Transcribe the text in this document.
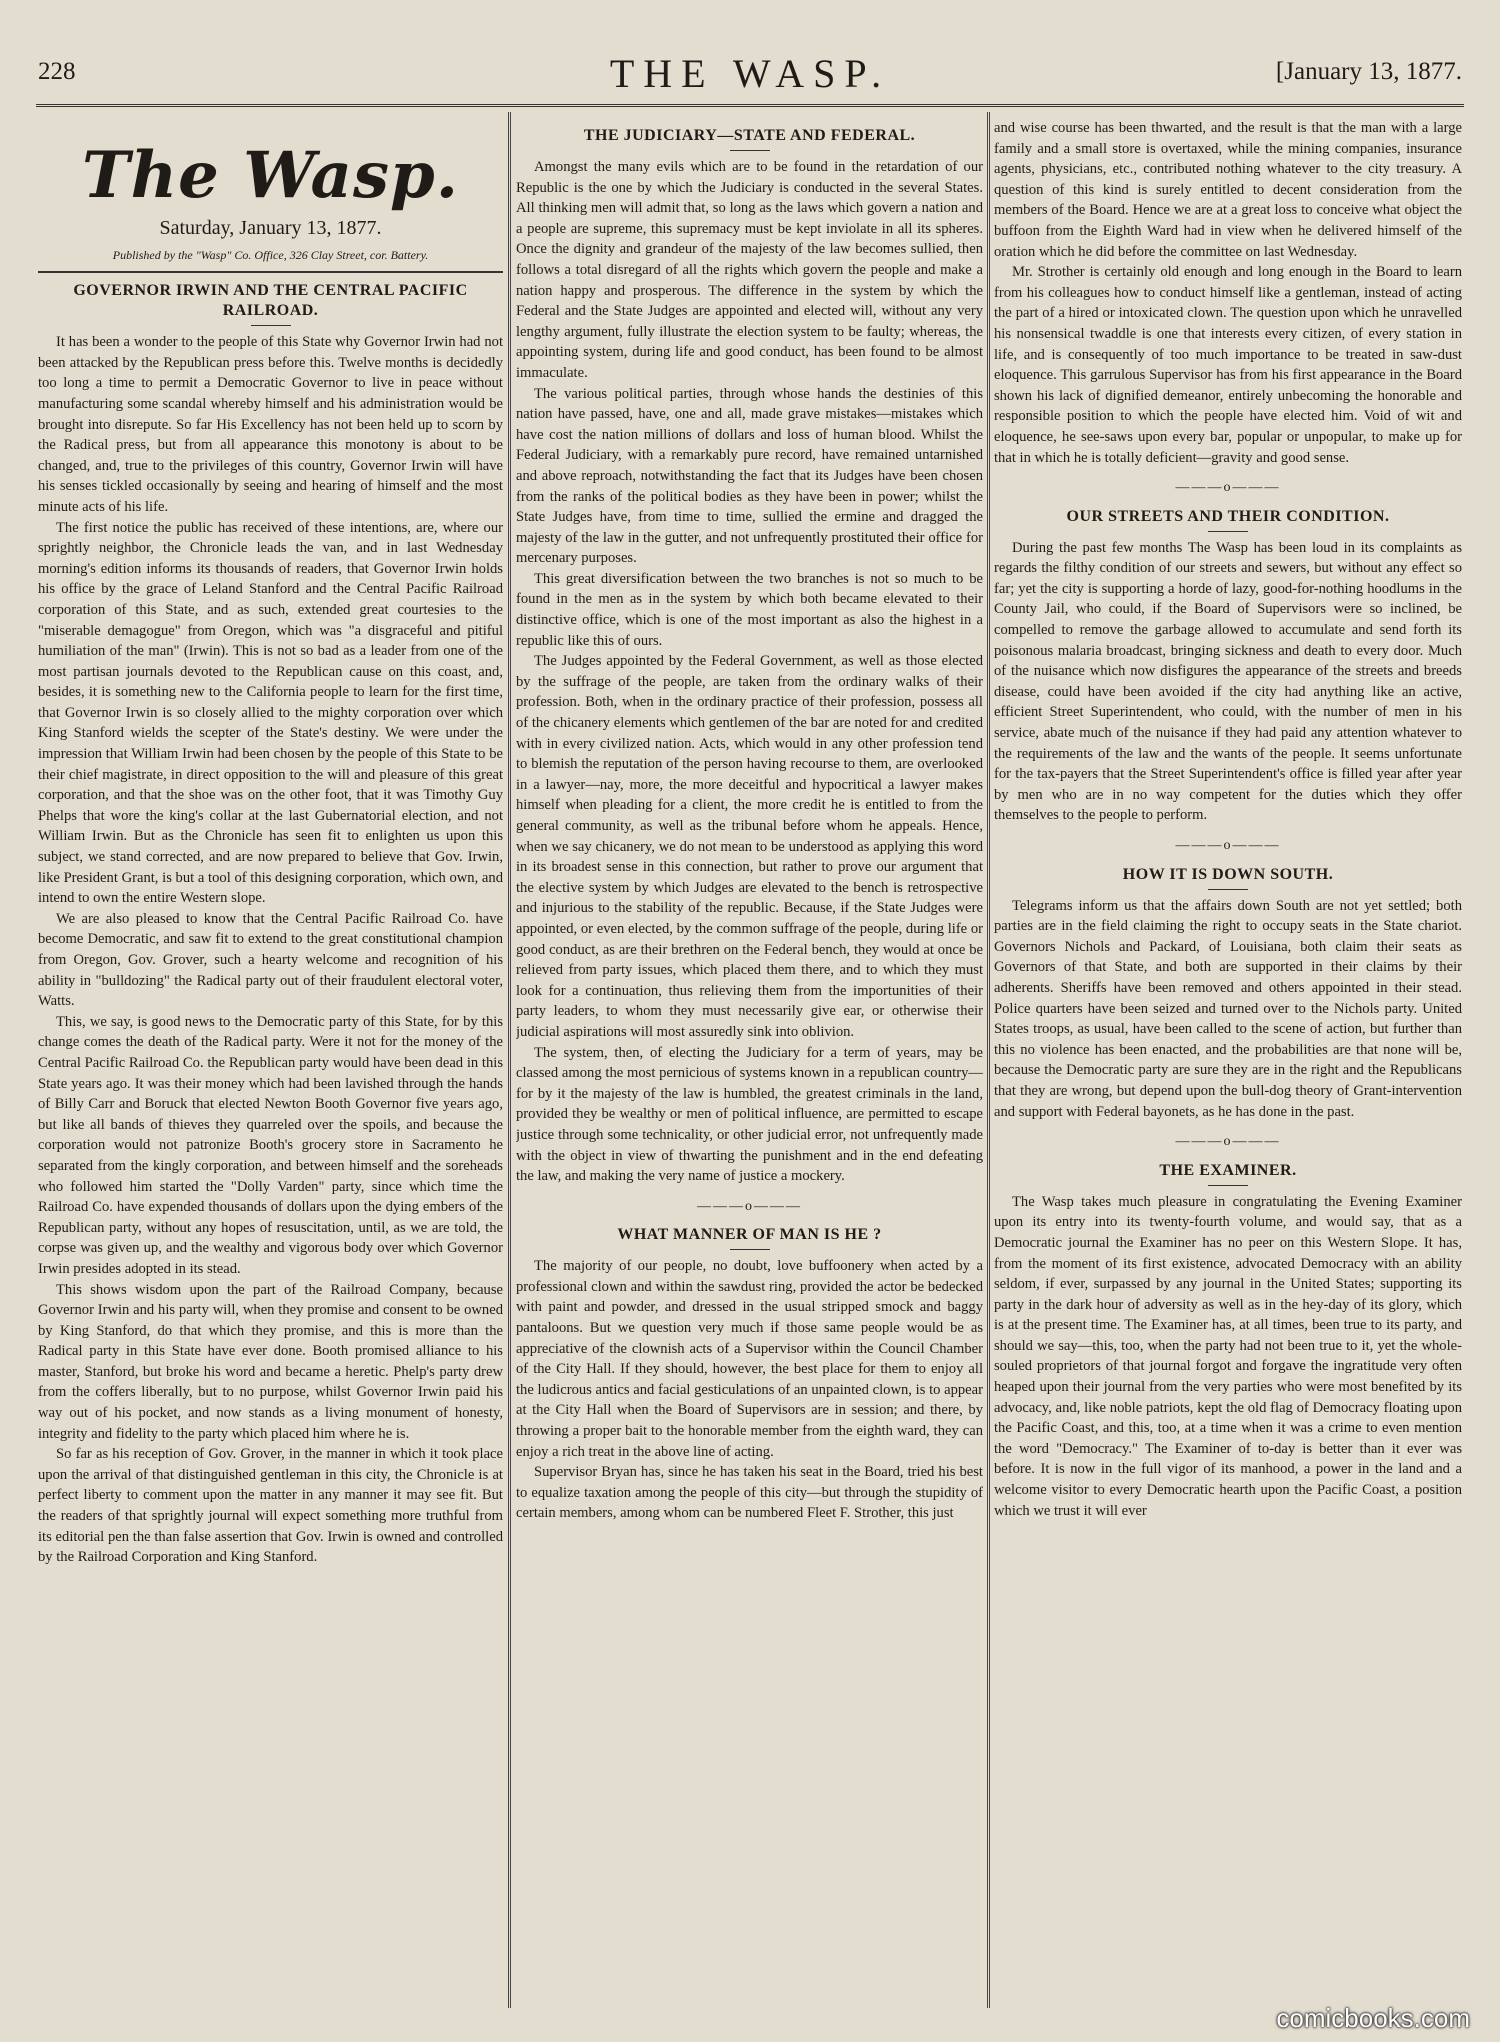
228	THE WASP.	[January 13, 1877.
The Wasp.
Saturday, January 13, 1877.
Published by the "Wasp" Co. Office, 326 Clay Street, cor. Battery.
GOVERNOR IRWIN AND THE CENTRAL PACIFIC RAILROAD.

It has been a wonder to the people of this State why Governor Irwin had not been attacked by the Republican press before this. Twelve months is decidedly too long a time to permit a Democratic Governor to live in peace without manufacturing some scandal whereby himself and his administration would be brought into disrepute. So far His Excellency has not been held up to scorn by the Radical press, but from all appearance this monotony is about to be changed, and, true to the privileges of this country, Governor Irwin will have his senses tickled occasionally by seeing and hearing of himself and the most minute acts of his life.

The first notice the public has received of these intentions, are, where our sprightly neighbor, the Chronicle leads the van, and in last Wednesday morning's edition informs its thousands of readers, that Governor Irwin holds his office by the grace of Leland Stanford and the Central Pacific Railroad corporation of this State, and as such, extended great courtesies to the "miserable demagogue" from Oregon, which was "a disgraceful and pitiful humiliation of the man" (Irwin). This is not so bad as a leader from one of the most partisan journals devoted to the Republican cause on this coast, and, besides, it is something new to the California people to learn for the first time, that Governor Irwin is so closely allied to the mighty corporation over which King Stanford wields the scepter of the State's destiny. We were under the impression that William Irwin had been chosen by the people of this State to be their chief magistrate, in direct opposition to the will and pleasure of this great corporation, and that the shoe was on the other foot, that it was Timothy Guy Phelps that wore the king's collar at the last Gubernatorial election, and not William Irwin. But as the Chronicle has seen fit to enlighten us upon this subject, we stand corrected, and are now prepared to believe that Gov. Irwin, like President Grant, is but a tool of this designing corporation, which own, and intend to own the entire Western slope.

We are also pleased to know that the Central Pacific Railroad Co. have become Democratic, and saw fit to extend to the great constitutional champion from Oregon, Gov. Grover, such a hearty welcome and recognition of his ability in "bulldozing" the Radical party out of their fraudulent electoral voter, Watts.

This, we say, is good news to the Democratic party of this State, for by this change comes the death of the Radical party. Were it not for the money of the Central Pacific Railroad Co. the Republican party would have been dead in this State years ago. It was their money which had been lavished through the hands of Billy Carr and Boruck that elected Newton Booth Governor five years ago, but like all bands of thieves they quarreled over the spoils, and because the corporation would not patronize Booth's grocery store in Sacramento he separated from the kingly corporation, and between himself and the soreheads who followed him started the "Dolly Varden" party, since which time the Railroad Co. have expended thousands of dollars upon the dying embers of the Republican party, without any hopes of resuscitation, until, as we are told, the corpse was given up, and the wealthy and vigorous body over which Governor Irwin presides adopted in its stead.

This shows wisdom upon the part of the Railroad Company, because Governor Irwin and his party will, when they promise and consent to be owned by King Stanford, do that which they promise, and this is more than the Radical party in this State have ever done. Booth promised alliance to his master, Stanford, but broke his word and became a heretic. Phelp's party drew from the coffers liberally, but to no purpose, whilst Governor Irwin paid his way out of his pocket, and now stands as a living monument of honesty, integrity and fidelity to the party which placed him where he is.

So far as his reception of Gov. Grover, in the manner in which it took place upon the arrival of that distinguished gentleman in this city, the Chronicle is at perfect liberty to comment upon the matter in any manner it may see fit. But the readers of that sprightly journal will expect something more truthful from its editorial pen the than false assertion that Gov. Irwin is owned and controlled by the Railroad Corporation and King Stanford.

THE JUDICIARY—STATE AND FEDERAL.

Amongst the many evils which are to be found in the retardation of our Republic is the one by which the Judiciary is conducted in the several States. All thinking men will admit that, so long as the laws which govern a nation and a people are supreme, this supremacy must be kept inviolate in all its spheres. Once the dignity and grandeur of the majesty of the law becomes sullied, then follows a total disregard of all the rights which govern the people and make a nation happy and prosperous. The difference in the system by which the Federal and the State Judges are appointed and elected will, without any very lengthy argument, fully illustrate the election system to be faulty; whereas, the appointing system, during life and good conduct, has been found to be almost immaculate.

The various political parties, through whose hands the destinies of this nation have passed, have, one and all, made grave mistakes—mistakes which have cost the nation millions of dollars and loss of human blood. Whilst the Federal Judiciary, with a remarkably pure record, have remained untarnished and above reproach, notwithstanding the fact that its Judges have been chosen from the ranks of the political bodies as they have been in power; whilst the State Judges have, from time to time, sullied the ermine and dragged the majesty of the law in the gutter, and not unfrequently prostituted their office for mercenary purposes.

This great diversification between the two branches is not so much to be found in the men as in the system by which both became elevated to their distinctive office, which is one of the most important as also the highest in a republic like this of ours.

The Judges appointed by the Federal Government, as well as those elected by the suffrage of the people, are taken from the ordinary walks of their profession. Both, when in the ordinary practice of their profession, possess all of the chicanery elements which gentlemen of the bar are noted for and credited with in every civilized nation. Acts, which would in any other profession tend to blemish the reputation of the person having recourse to them, are overlooked in a lawyer—nay, more, the more deceitful and hypocritical a lawyer makes himself when pleading for a client, the more credit he is entitled to from the general community, as well as the tribunal before whom he appeals. Hence, when we say chicanery, we do not mean to be understood as applying this word in its broadest sense in this connection, but rather to prove our argument that the elective system by which Judges are elevated to the bench is retrospective and injurious to the stability of the republic. Because, if the State Judges were appointed, or even elected, by the common suffrage of the people, during life or good conduct, as are their brethren on the Federal bench, they would at once be relieved from party issues, which placed them there, and to which they must look for a continuation, thus relieving them from the importunities of their party leaders, to whom they must necessarily give ear, or otherwise their judicial aspirations will most assuredly sink into oblivion.

The system, then, of electing the Judiciary for a term of years, may be classed among the most pernicious of systems known in a republican country—for by it the majesty of the law is humbled, the greatest criminals in the land, provided they be wealthy or men of political influence, are permitted to escape justice through some technicality, or other judicial error, not unfrequently made with the object in view of thwarting the punishment and in the end defeating the law, and making the very name of justice a mockery.

———o———
WHAT MANNER OF MAN IS HE ?

The majority of our people, no doubt, love buffoonery when acted by a professional clown and within the sawdust ring, provided the actor be bedecked with paint and powder, and dressed in the usual stripped smock and baggy pantaloons. But we question very much if those same people would be as appreciative of the clownish acts of a Supervisor within the Council Chamber of the City Hall. If they should, however, the best place for them to enjoy all the ludicrous antics and facial gesticulations of an unpainted clown, is to appear at the City Hall when the Board of Supervisors are in session; and there, by throwing a proper bait to the honorable member from the eighth ward, they can enjoy a rich treat in the above line of acting.

Supervisor Bryan has, since he has taken his seat in the Board, tried his best to equalize taxation among the people of this city—but through the stupidity of certain members, among whom can be numbered Fleet F. Strother, this just

and wise course has been thwarted, and the result is that the man with a large family and a small store is overtaxed, while the mining companies, insurance agents, physicians, etc., contributed nothing whatever to the city treasury. A question of this kind is surely entitled to decent consideration from the members of the Board. Hence we are at a great loss to conceive what object the buffoon from the Eighth Ward had in view when he delivered himself of the oration which he did before the committee on last Wednesday.

Mr. Strother is certainly old enough and long enough in the Board to learn from his colleagues how to conduct himself like a gentleman, instead of acting the part of a hired or intoxicated clown. The question upon which he unravelled his nonsensical twaddle is one that interests every citizen, of every station in life, and is consequently of too much importance to be treated in saw-dust eloquence. This garrulous Supervisor has from his first appearance in the Board shown his lack of dignified demeanor, entirely unbecoming the honorable and responsible position to which the people have elected him. Void of wit and eloquence, he see-saws upon every bar, popular or unpopular, to make up for that in which he is totally deficient—gravity and good sense.

———o———
OUR STREETS AND THEIR CONDITION.

During the past few months The Wasp has been loud in its complaints as regards the filthy condition of our streets and sewers, but without any effect so far; yet the city is supporting a horde of lazy, good-for-nothing hoodlums in the County Jail, who could, if the Board of Supervisors were so inclined, be compelled to remove the garbage allowed to accumulate and send forth its poisonous malaria broadcast, bringing sickness and death to every door. Much of the nuisance which now disfigures the appearance of the streets and breeds disease, could have been avoided if the city had anything like an active, efficient Street Superintendent, who could, with the number of men in his service, abate much of the nuisance if they had paid any attention whatever to the requirements of the law and the wants of the people. It seems unfortunate for the tax-payers that the Street Superintendent's office is filled year after year by men who are in no way competent for the duties which they offer themselves to the people to perform.

———o———
HOW IT IS DOWN SOUTH.

Telegrams inform us that the affairs down South are not yet settled; both parties are in the field claiming the right to occupy seats in the State chariot. Governors Nichols and Packard, of Louisiana, both claim their seats as Governors of that State, and both are supported in their claims by their adherents. Sheriffs have been removed and others appointed in their stead. Police quarters have been seized and turned over to the Nichols party. United States troops, as usual, have been called to the scene of action, but further than this no violence has been enacted, and the probabilities are that none will be, because the Democratic party are sure they are in the right and the Republicans that they are wrong, but depend upon the bull-dog theory of Grant-intervention and support with Federal bayonets, as he has done in the past.

———o———
THE EXAMINER.

The Wasp takes much pleasure in congratulating the Evening Examiner upon its entry into its twenty-fourth volume, and would say, that as a Democratic journal the Examiner has no peer on this Western Slope. It has, from the moment of its first existence, advocated Democracy with an ability seldom, if ever, surpassed by any journal in the United States; supporting its party in the dark hour of adversity as well as in the hey-day of its glory, which is at the present time. The Examiner has, at all times, been true to its party, and should we say—this, too, when the party had not been true to it, yet the whole-souled proprietors of that journal forgot and forgave the ingratitude very often heaped upon their journal from the very parties who were most benefited by its advocacy, and, like noble patriots, kept the old flag of Democracy floating upon the Pacific Coast, and this, too, at a time when it was a crime to even mention the word "Democracy." The Examiner of to-day is better than it ever was before. It is now in the full vigor of its manhood, a power in the land and a welcome visitor to every Democratic hearth upon the Pacific Coast, a position which we trust it will ever

comicbooks.com
